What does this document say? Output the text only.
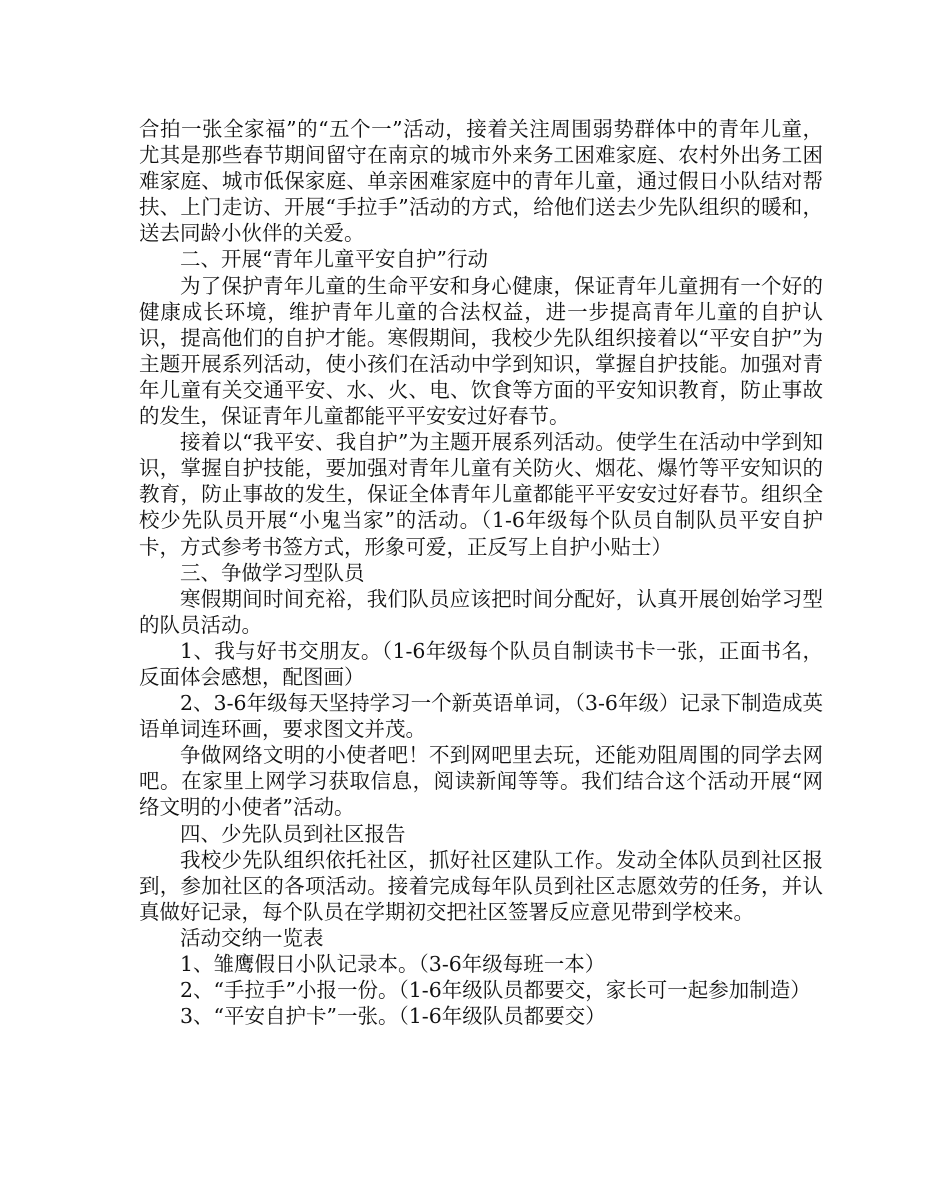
合拍一张全家福”的“五个一”活动，接着关注周围弱势群体中的青年儿童，尤其是那些春节期间留守在南京的城市外来务工困难家庭、农村外出务工困难家庭、城市低保家庭、单亲困难家庭中的青年儿童，通过假日小队结对帮扶、上门走访、开展“手拉手”活动的方式，给他们送去少先队组织的暖和，送去同龄小伙伴的关爱。

二、开展“青年儿童平安自护”行动

为了保护青年儿童的生命平安和身心健康，保证青年儿童拥有一个好的健康成长环境，维护青年儿童的合法权益，进一步提高青年儿童的自护认识，提高他们的自护才能。寒假期间，我校少先队组织接着以“平安自护”为主题开展系列活动，使小孩们在活动中学到知识，掌握自护技能。加强对青年儿童有关交通平安、水、火、电、饮食等方面的平安知识教育，防止事故的发生，保证青年儿童都能平平安安过好春节。

接着以“我平安、我自护”为主题开展系列活动。使学生在活动中学到知识，掌握自护技能，要加强对青年儿童有关防火、烟花、爆竹等平安知识的教育，防止事故的发生，保证全体青年儿童都能平平安安过好春节。组织全校少先队员开展“小鬼当家”的活动。（1-6年级每个队员自制队员平安自护卡，方式参考书签方式，形象可爱，正反写上自护小贴士）

三、争做学习型队员

寒假期间时间充裕，我们队员应该把时间分配好，认真开展创始学习型的队员活动。

1、我与好书交朋友。（1-6年级每个队员自制读书卡一张，正面书名，反面体会感想，配图画）

2、3-6年级每天坚持学习一个新英语单词，（3-6年级）记录下制造成英语单词连环画，要求图文并茂。

争做网络文明的小使者吧！不到网吧里去玩，还能劝阻周围的同学去网吧。在家里上网学习获取信息，阅读新闻等等。我们结合这个活动开展“网络文明的小使者”活动。

四、少先队员到社区报告

我校少先队组织依托社区，抓好社区建队工作。发动全体队员到社区报到，参加社区的各项活动。接着完成每年队员到社区志愿效劳的任务，并认真做好记录，每个队员在学期初交把社区签署反应意见带到学校来。

活动交纳一览表

1、雏鹰假日小队记录本。（3-6年级每班一本）

2、“手拉手”小报一份。（1-6年级队员都要交，家长可一起参加制造）

3、“平安自护卡”一张。（1-6年级队员都要交）
